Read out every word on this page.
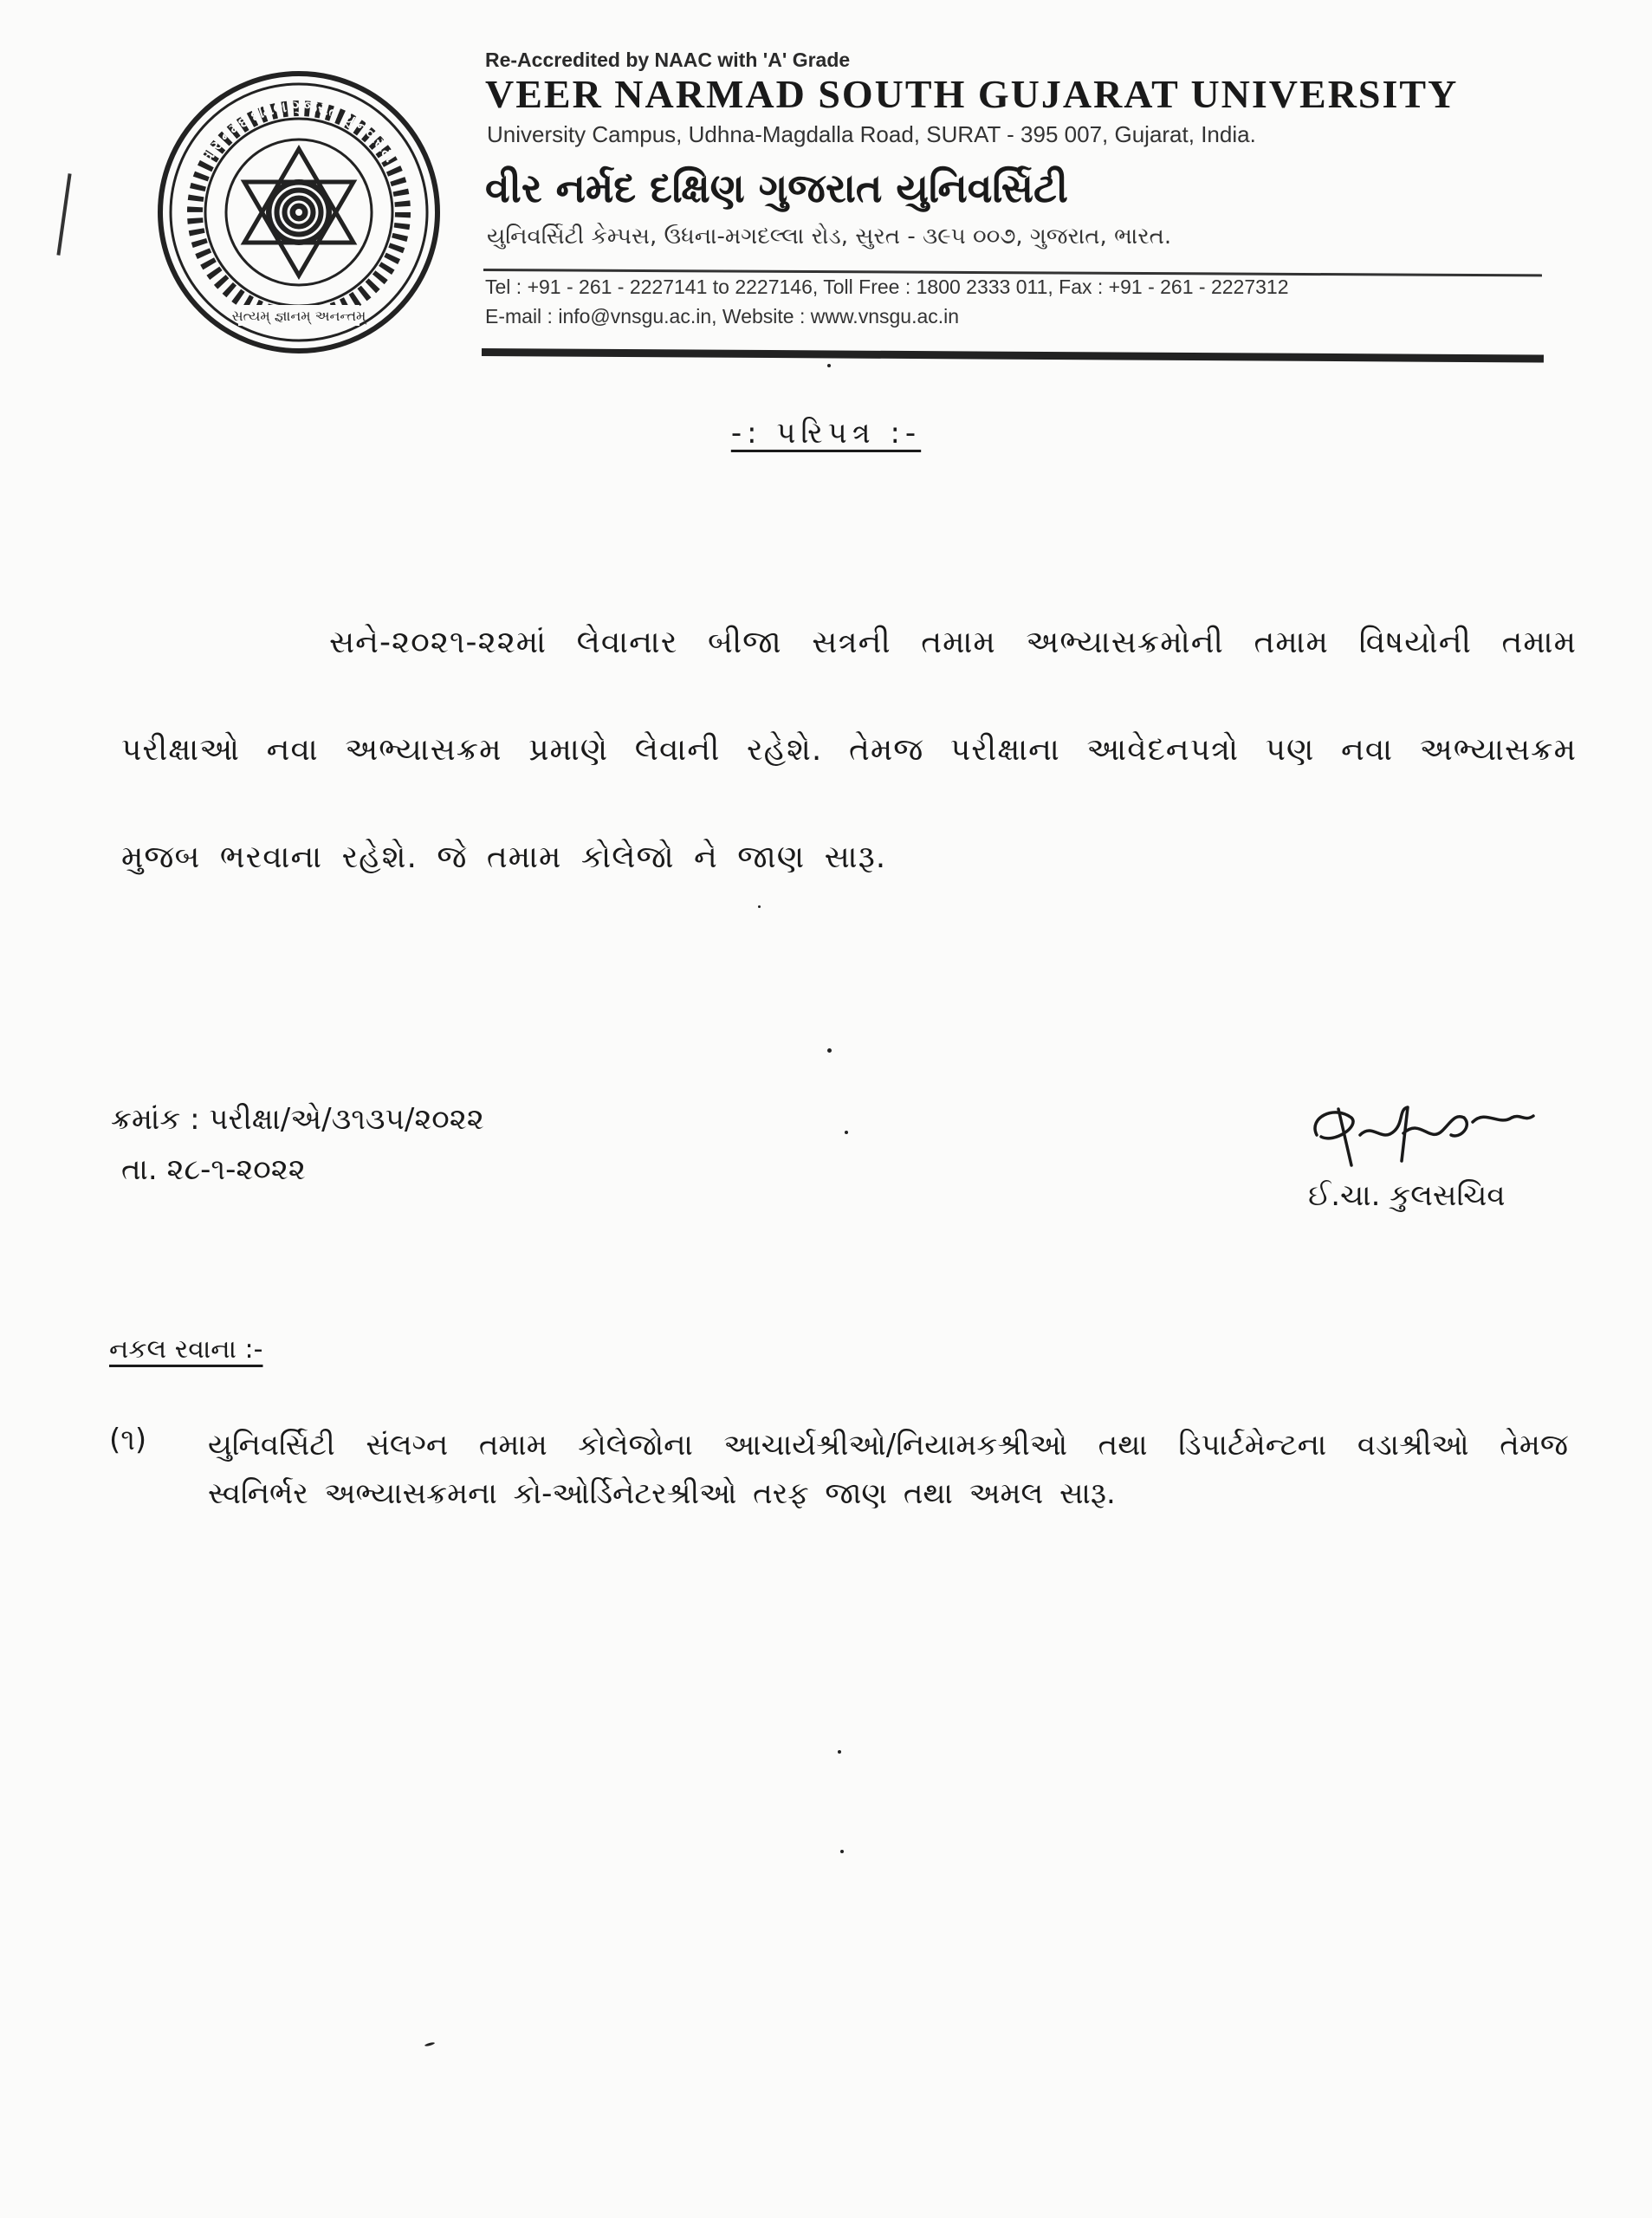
વીર નર્મદ દક્ષિણ ગુજરાત યુનિવર્સિટી
સત્યમ્ જ્ઞાનમ્ અનન્તમ્
Re-Accredited by NAAC with 'A' Grade
VEER NARMAD SOUTH GUJARAT UNIVERSITY
University Campus, Udhna-Magdalla Road, SURAT - 395 007, Gujarat, India.
વીર નર્મદ દક્ષિણ ગુજરાત યુનિવર્સિટી
યુનિવર્સિટી કેમ્પસ, ઉધના-મગદલ્લા રોડ, સુરત - ૩૯૫ ૦૦૭, ગુજરાત, ભારત.
Tel : +91 - 261 - 2227141 to 2227146, Toll Free : 1800 2333 011, Fax : +91 - 261 - 2227312
E-mail : info@vnsgu.ac.in, Website : www.vnsgu.ac.in
-: પરિપત્ર :-
સને-૨૦૨૧-૨૨માં લેવાનાર બીજા સત્રની તમામ અભ્યાસક્રમોની તમામ વિષયોની તમામ પરીક્ષાઓ નવા અભ્યાસક્રમ પ્રમાણે લેવાની રહેશે. તેમજ પરીક્ષાના આવેદનપત્રો પણ નવા અભ્યાસક્રમ મુજબ ભરવાના રહેશે. જે તમામ કોલેજો ને જાણ સારૂ.
ક્રમાંક : પરીક્ષા/એ/૩૧૩૫/૨૦૨૨
તા. ૨૮-૧-૨૦૨૨
ઈ.ચા. કુલસચિવ
નકલ રવાના :-
(૧) યુનિવર્સિટી સંલગ્ન તમામ કોલેજોના આચાર્યશ્રીઓ/નિયામકશ્રીઓ તથા ડિપાર્ટમેન્ટના વડાશ્રીઓ તેમજ સ્વનિર્ભર અભ્યાસક્રમના કો-ઓર્ડિનેટરશ્રીઓ તરફ જાણ તથા અમલ સારૂ.
